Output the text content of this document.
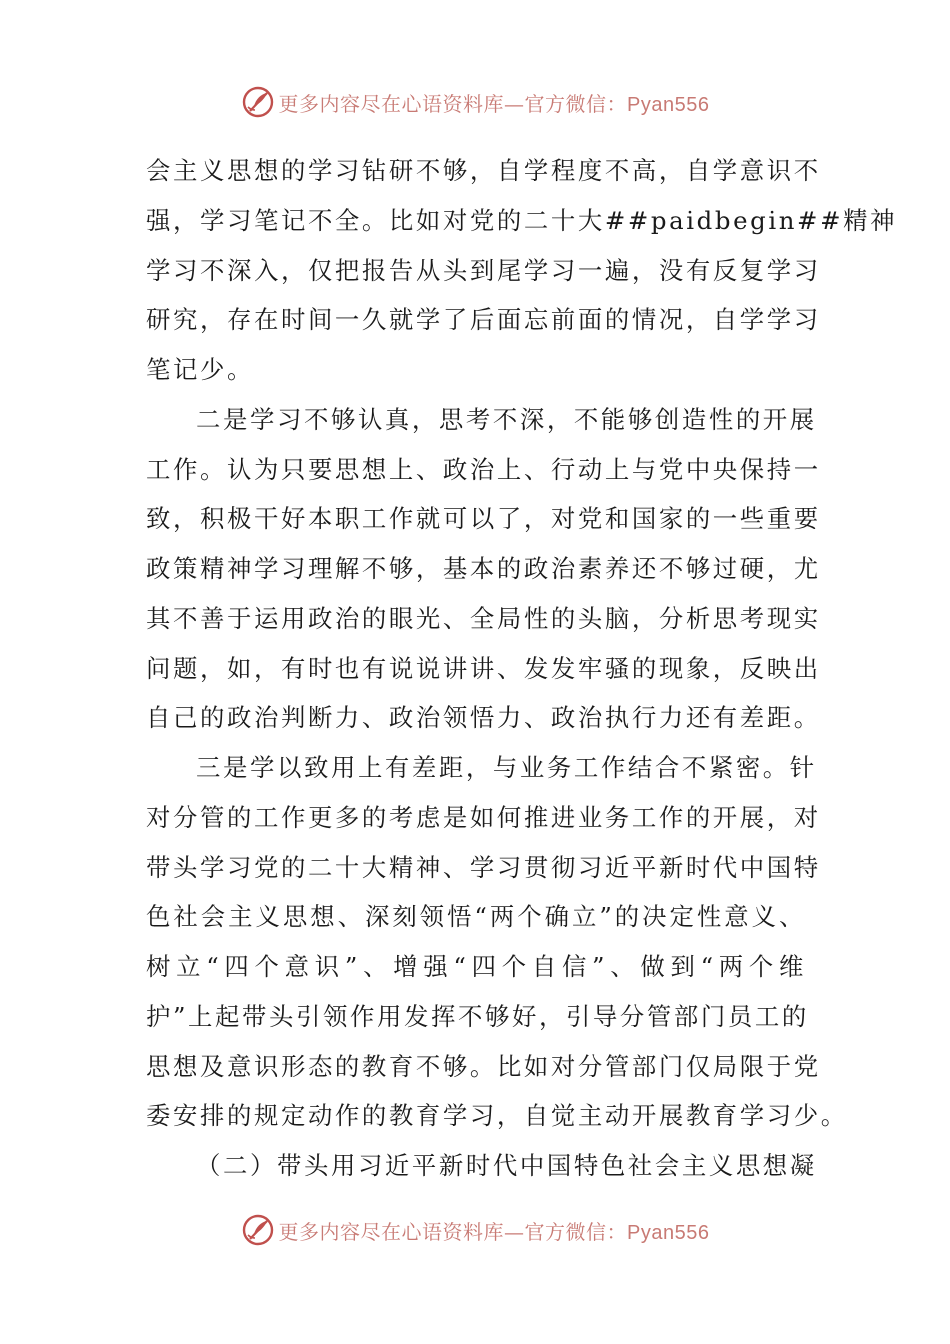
更多内容尽在心语资料库—官方微信：Pyan556
会主义思想的学习钻研不够，自学程度不高，自学意识不
强，学习笔记不全。比如对党的二十大##paidbegin##精神
学习不深入，仅把报告从头到尾学习一遍，没有反复学习
研究，存在时间一久就学了后面忘前面的情况，自学学习
笔记少。
二是学习不够认真，思考不深，不能够创造性的开展
工作。认为只要思想上、政治上、行动上与党中央保持一
致，积极干好本职工作就可以了，对党和国家的一些重要
政策精神学习理解不够，基本的政治素养还不够过硬，尤
其不善于运用政治的眼光、全局性的头脑，分析思考现实
问题，如，有时也有说说讲讲、发发牢骚的现象，反映出
自己的政治判断力、政治领悟力、政治执行力还有差距。
三是学以致用上有差距，与业务工作结合不紧密。针
对分管的工作更多的考虑是如何推进业务工作的开展，对
带头学习党的二十大精神、学习贯彻习近平新时代中国特
色社会主义思想、深刻领悟“两个确立”的决定性意义、
树立“四个意识”、增强“四个自信”、做到“两个维
护”上起带头引领作用发挥不够好，引导分管部门员工的
思想及意识形态的教育不够。比如对分管部门仅局限于党
委安排的规定动作的教育学习，自觉主动开展教育学习少。
（二）带头用习近平新时代中国特色社会主义思想凝
更多内容尽在心语资料库—官方微信：Pyan556
